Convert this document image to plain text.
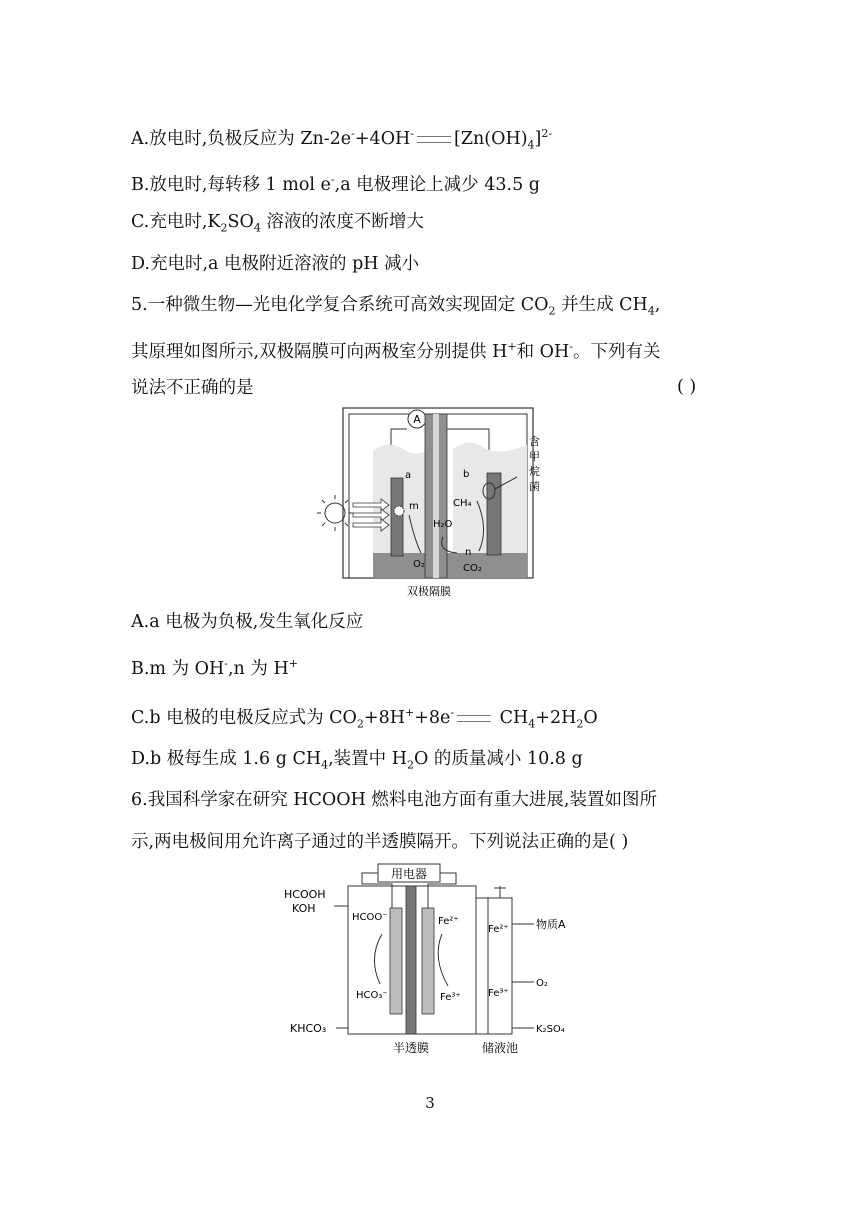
A.放电时,负极反应为 Zn-2e-+4OH- $[Zn(OH)_4]^{2-}$
B.放电时,每转移 1 mol e-,a 电极理论上减少 43.5 g
C.充电时$,K_2SO_4$ 溶液的浓度不断增大
D.充电时,a 电极附近溶液的 pH 减小
5.一种微生物—光电化学复合系统可高效实现固定 $CO_2$ 并生成 $CH_4$,
其原理如图所示,双极隔膜可向两极室分别提供 H+和 OH-。下列有关
说法不正确的是	( )
A
a	b
含
甲
烷
菌
m	CH₄
H₂O
n
O₂	CO₂
双极隔膜
A.a 电极为负极,发生氧化反应
B.m 为 OH-,n 为 H+
C.b 电极的电极反应式为 $CO_2+8H^++8e^-$ $CH_4+2H_2O$
D.b 极每生成 1.6 g $CH_4$,装置中 $H_2O$ 的质量减小 10.8 g
6.我国科学家在研究 HCOOH 燃料电池方面有重大进展,装置如图所
示,两电极间用允许离子通过的半透膜隔开。下列说法正确的是( )
用电器
HCOOH
KOH
HCOO⁻
HCO₃⁻
Fe²⁺
Fe³⁺
KHCO₃
Fe²⁺
Fe³⁺
物质A
O₂
K₂SO₄
半透膜	储液池
3
